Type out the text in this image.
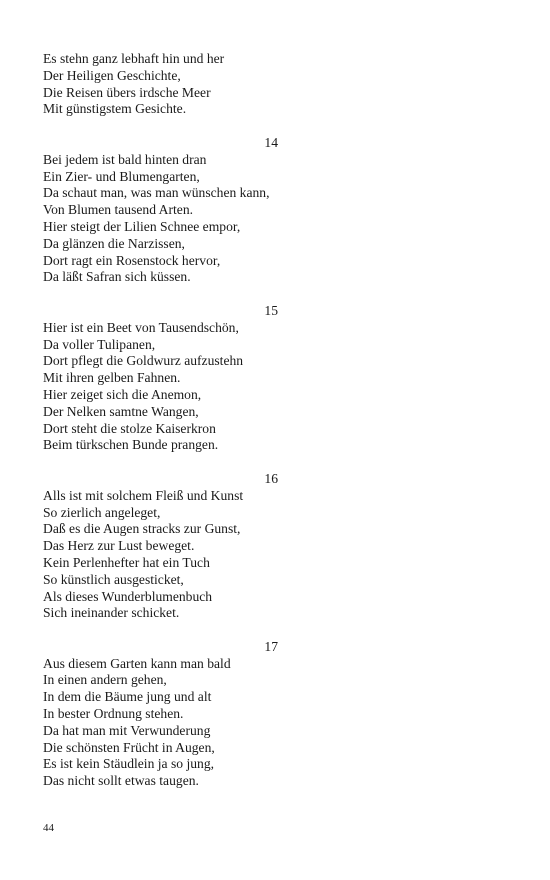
Es stehn ganz lebhaft hin und her
Der Heiligen Geschichte,
Die Reisen übers irdsche Meer
Mit günstigstem Gesichte.
14
Bei jedem ist bald hinten dran
Ein Zier- und Blumengarten,
Da schaut man, was man wünschen kann,
Von Blumen tausend Arten.
Hier steigt der Lilien Schnee empor,
Da glänzen die Narzissen,
Dort ragt ein Rosenstock hervor,
Da läßt Safran sich küssen.
15
Hier ist ein Beet von Tausendschön,
Da voller Tulipanen,
Dort pflegt die Goldwurz aufzustehn
Mit ihren gelben Fahnen.
Hier zeiget sich die Anemon,
Der Nelken samtne Wangen,
Dort steht die stolze Kaiserkron
Beim türkschen Bunde prangen.
16
Alls ist mit solchem Fleiß und Kunst
So zierlich angeleget,
Daß es die Augen stracks zur Gunst,
Das Herz zur Lust beweget.
Kein Perlenhefter hat ein Tuch
So künstlich ausgesticket,
Als dieses Wunderblumenbuch
Sich ineinander schicket.
17
Aus diesem Garten kann man bald
In einen andern gehen,
In dem die Bäume jung und alt
In bester Ordnung stehen.
Da hat man mit Verwunderung
Die schönsten Frücht in Augen,
Es ist kein Stäudlein ja so jung,
Das nicht sollt etwas taugen.
44
